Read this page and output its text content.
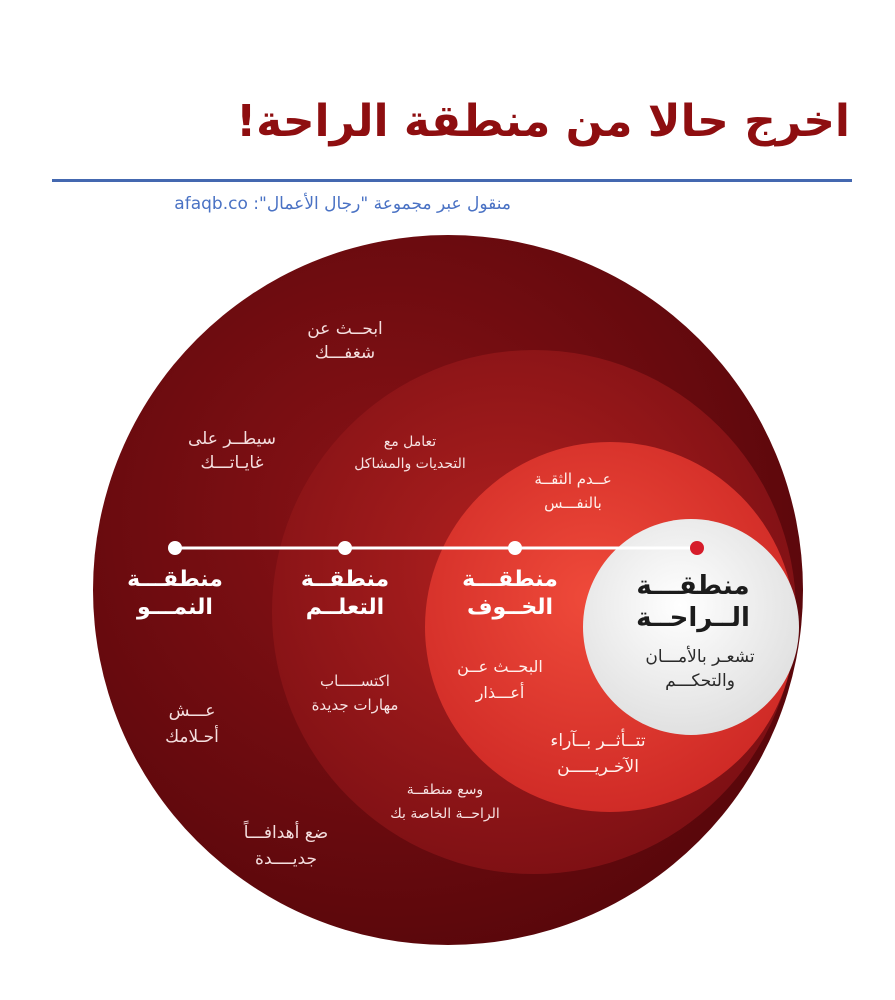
اخرج حالا من منطقة الراحة!
منقول عبر مجموعة "رجال الأعمال": afaqb.co
منطقـــة
النمـــو
منطقــة
التعلــم
منطقـــة
الخــوف
منطقـــة
الــراحــة
تشعـر بالأمـــان
والتحكـــم
ابحــث عن
شغفـــك
سيطــر على
غايـاتـــك
عـــش
أحـلامك
ضع أهدافـــاً
جديــــدة
تعامل مع
التحديات والمشاكل
اكتســـــاب
مهارات جديدة
وسع منطقــة
الراحــة الخاصة بك
عــدم الثقــة
بالنفـــس
البحــث عــن
أعـــذار
تتــأثــر بــآراء
الآخـريـــــن
